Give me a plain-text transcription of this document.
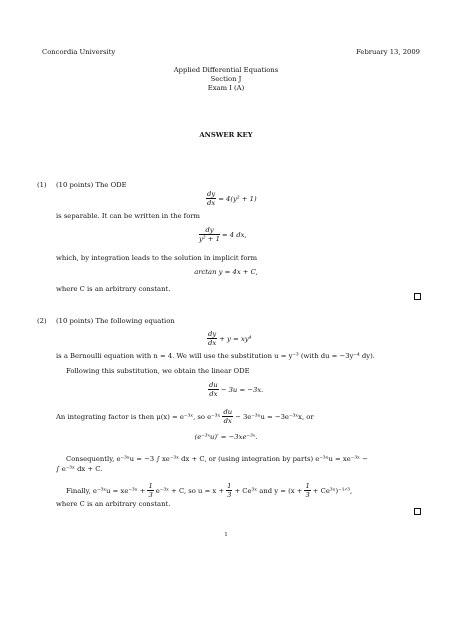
Concordia University	February 13, 2009
Applied Differential Equations
Section J
Exam I (A)
ANSWER KEY
(1) (10 points) The ODE
$\frac{dy}{dx} = 4(y^2 + 1)$
is separable. It can be written in the form
$\frac{dy}{\text{y² + 1}} = 4$ dx,
which, by integration leads to the solution in implicit form
arctan y = 4x + C,
where C is an arbitrary constant.
(2) (10 points) The following equation
$\frac{dy}{dx} + y = xy^4$
is a Bernoulli equation with n = 4. We will use the substitution u = y⁻³ (with du = −3y⁻⁴ dy).
Following this substitution, we obtain the linear ODE
$\frac{du}{dx} - 3u = -3x$.
An integrating factor is then μ(x) = e⁻³ˣ, so e⁻³ˣ $\frac{du}{dx}$ − 3e⁻³ˣu = −3e⁻³ˣx, or
(e⁻³ˣu)′ = −3xe⁻³ˣ.
Consequently, e⁻³ˣu = −3 ∫ xe⁻³ˣ dx + C, or (using integration by parts) e⁻³ˣu = xe⁻³ˣ −
∫ e⁻³ˣ dx + C.
Finally, e⁻³ˣu = xe⁻³ˣ + $\frac{1}{3}$ e⁻³ˣ + C, so $u = x + \frac{1}{3}$ + Ce³ˣ and $y = (x + \frac{1}{3}$ + Ce³ˣ)⁻¹ᐟ³,
where C is an arbitrary constant.
1
